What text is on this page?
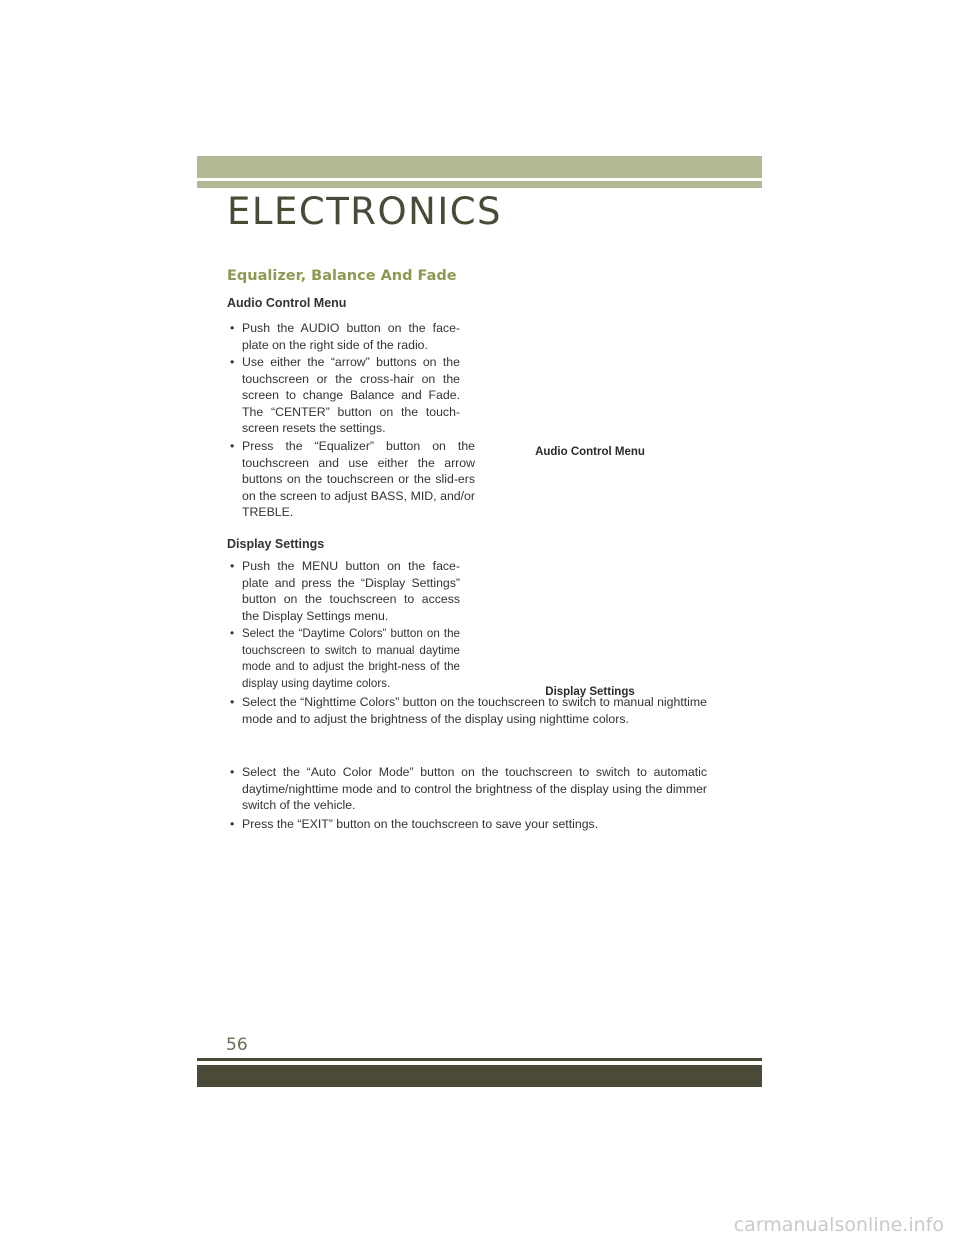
ELECTRONICS
Equalizer, Balance And Fade
Audio Control Menu
• Push the AUDIO button on the face-plate on the right side of the radio.
• Use either the “arrow” buttons on the touchscreen or the cross-hair on the screen to change Balance and Fade. The “CENTER” button on the touch-screen resets the settings.
• Press the “Equalizer” button on the touchscreen and use either the arrow buttons on the touchscreen or the slid-ers on the screen to adjust BASS, MID, and/or TREBLE.
Audio Control Menu
Display Settings
• Push the MENU button on the face-plate and press the “Display Settings” button on the touchscreen to access the Display Settings menu.
• Select the “Daytime Colors” button on the touchscreen to switch to manual daytime mode and to adjust the bright-ness of the display using daytime colors.
Display Settings
• Select the “Nighttime Colors” button on the touchscreen to switch to manual nighttime mode and to adjust the brightness of the display using nighttime colors.
• Select the “Auto Color Mode” button on the touchscreen to switch to automatic daytime/nighttime mode and to control the brightness of the display using the dimmer switch of the vehicle.
• Press the “EXIT” button on the touchscreen to save your settings.
56
carmanualsonline.info
